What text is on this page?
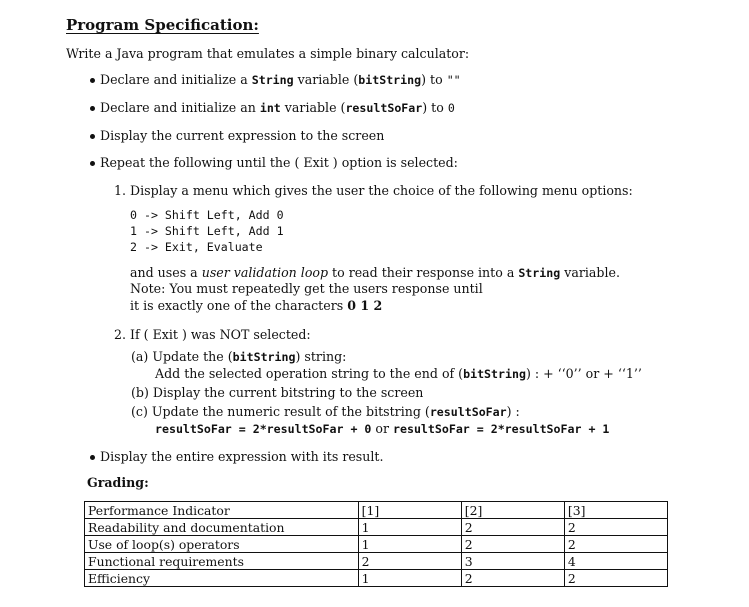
Program Specification:
Write a Java program that emulates a simple binary calculator:
Declare and initialize a String variable (bitString) to ""
Declare and initialize an int variable (resultSoFar) to 0
Display the current expression to the screen
Repeat the following until the ( Exit ) option is selected:
1. Display a menu which gives the user the choice of the following menu options:
0 -> Shift Left, Add 0
1 -> Shift Left, Add 1
2 -> Exit, Evaluate
and uses a user validation loop to read their response into a String variable.
Note: You must repeatedly get the users response until
it is exactly one of the characters 0 1 2
2. If ( Exit ) was NOT selected:
(a) Update the (bitString) string:
Add the selected operation string to the end of (bitString) : + ‘‘0’’ or + ‘‘1’’
(b) Display the current bitstring to the screen
(c) Update the numeric result of the bitstring (resultSoFar) :
resultSoFar = 2*resultSoFar + 0 or resultSoFar = 2*resultSoFar + 1
Display the entire expression with its result.
Grading:
Performance Indicator	[1]	[2]	[3]
Readability and documentation	1	2	2
Use of loop(s) operators	1	2	2
Functional requirements	2	3	4
Efficiency	1	2	2
